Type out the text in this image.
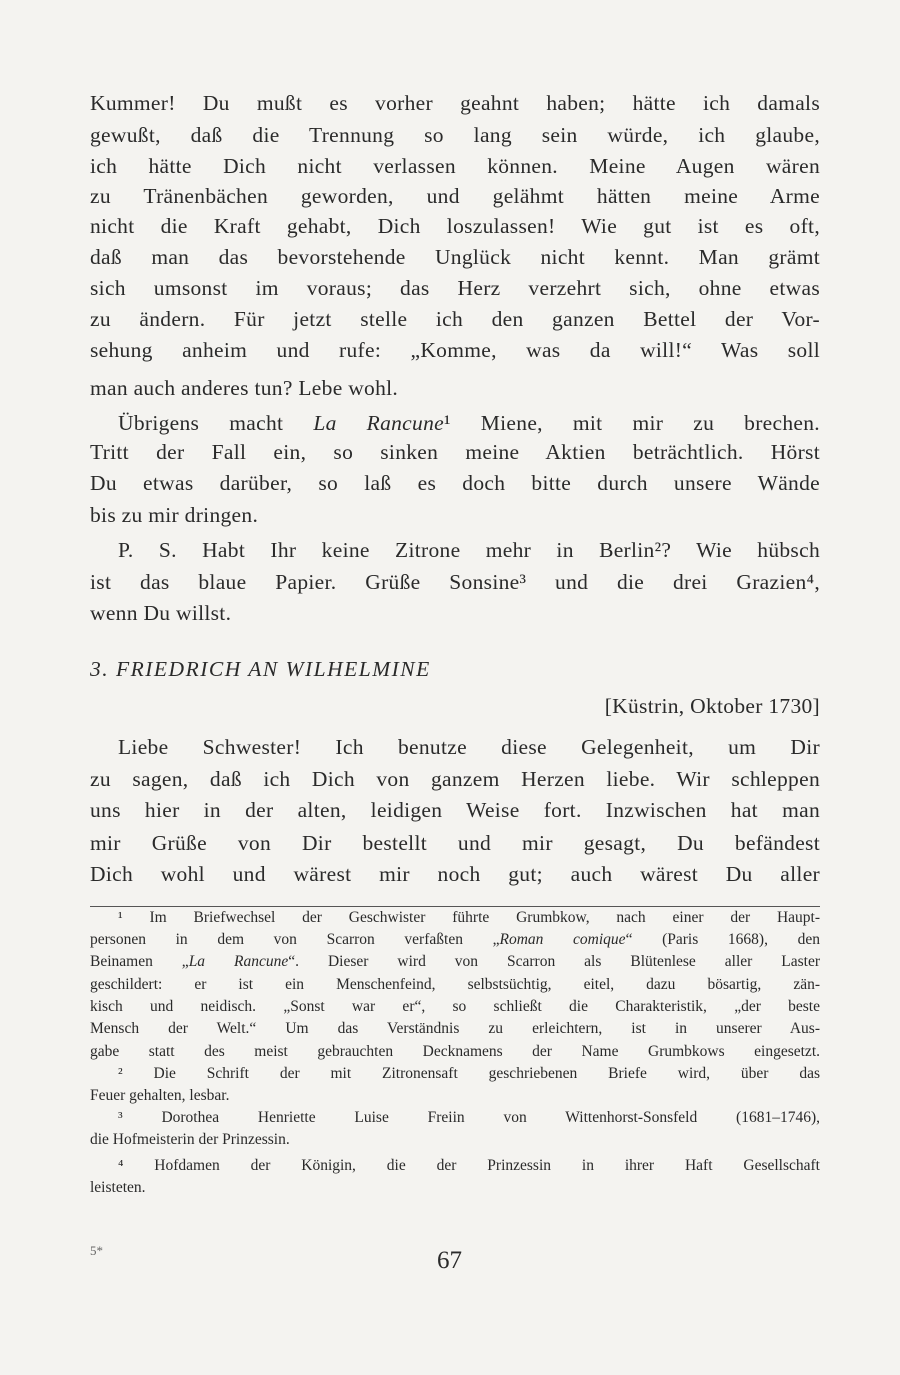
Kummer! Du mußt es vorher geahnt haben; hätte ich damals
gewußt, daß die Trennung so lang sein würde, ich glaube,
ich hätte Dich nicht verlassen können. Meine Augen wären
zu Tränenbächen geworden, und gelähmt hätten meine Arme
nicht die Kraft gehabt, Dich loszulassen! Wie gut ist es oft,
daß man das bevorstehende Unglück nicht kennt. Man grämt
sich umsonst im voraus; das Herz verzehrt sich, ohne etwas
zu ändern. Für jetzt stelle ich den ganzen Bettel der Vor-
sehung anheim und rufe: „Komme, was da will!“ Was soll
man auch anderes tun? Lebe wohl.
Übrigens macht La Rancune¹ Miene, mit mir zu brechen.
Tritt der Fall ein, so sinken meine Aktien beträchtlich. Hörst
Du etwas darüber, so laß es doch bitte durch unsere Wände
bis zu mir dringen.
P. S. Habt Ihr keine Zitrone mehr in Berlin²? Wie hübsch
ist das blaue Papier. Grüße Sonsine³ und die drei Grazien⁴,
wenn Du willst.
3. FRIEDRICH AN WILHELMINE
[Küstrin, Oktober 1730]
Liebe Schwester! Ich benutze diese Gelegenheit, um Dir
zu sagen, daß ich Dich von ganzem Herzen liebe. Wir schleppen
uns hier in der alten, leidigen Weise fort. Inzwischen hat man
mir Grüße von Dir bestellt und mir gesagt, Du befändest
Dich wohl und wärest mir noch gut; auch wärest Du aller
¹ Im Briefwechsel der Geschwister führte Grumbkow, nach einer der Haupt-
personen in dem von Scarron verfaßten „Roman comique“ (Paris 1668), den
Beinamen „La Rancune“. Dieser wird von Scarron als Blütenlese aller Laster
geschildert: er ist ein Menschenfeind, selbstsüchtig, eitel, dazu bösartig, zän-
kisch und neidisch. „Sonst war er“, so schließt die Charakteristik, „der beste
Mensch der Welt.“ Um das Verständnis zu erleichtern, ist in unserer Aus-
gabe statt des meist gebrauchten Decknamens der Name Grumbkows eingesetzt.
² Die Schrift der mit Zitronensaft geschriebenen Briefe wird, über das
Feuer gehalten, lesbar.
³ Dorothea Henriette Luise Freiin von Wittenhorst-Sonsfeld (1681–1746),
die Hofmeisterin der Prinzessin.
⁴ Hofdamen der Königin, die der Prinzessin in ihrer Haft Gesellschaft
leisteten.
5*	67
